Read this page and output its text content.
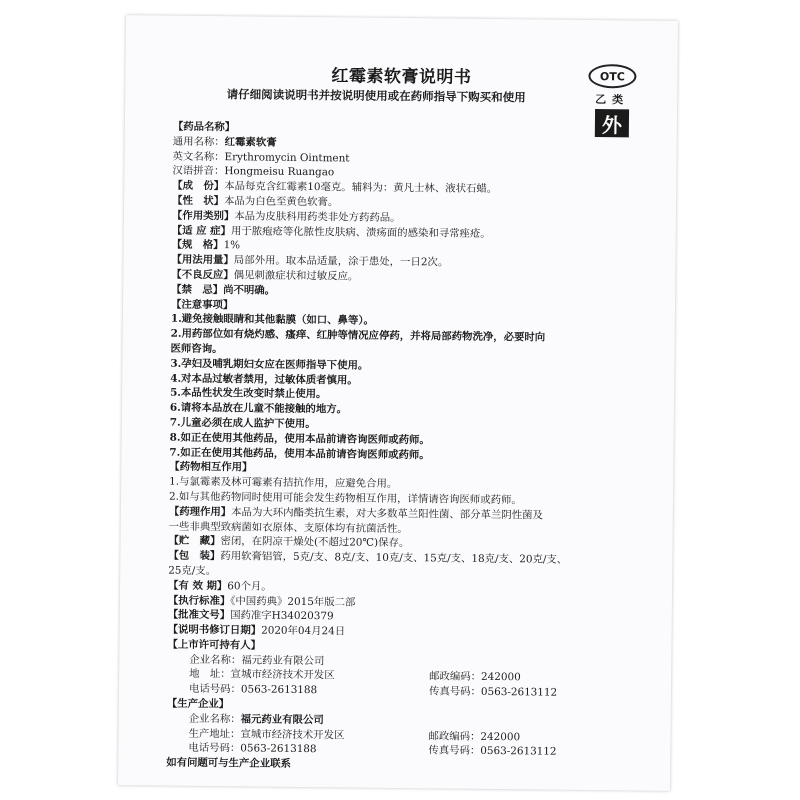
红霉素软膏说明书
请仔细阅读说明书并按说明使用或在药师指导下购买和使用
OTC
乙类
外
【药品名称】
通用名称：红霉素软膏
英文名称：Erythromycin Ointment
汉语拼音：Hongmeisu Ruangao
【成　份】本品每克含红霉素10毫克。辅料为：黄凡士林、液状石蜡。
【性　状】本品为白色至黄色软膏。
【作用类别】本品为皮肤科用药类非处方药药品。
【适 应 症】用于脓疱疮等化脓性皮肤病、溃疡面的感染和寻常痤疮。
【规　格】1%
【用法用量】局部外用。取本品适量，涂于患处，一日2次。
【不良反应】偶见刺激症状和过敏反应。
【禁　忌】尚不明确。
【注意事项】
1.避免接触眼睛和其他黏膜（如口、鼻等）。
2.用药部位如有烧灼感、瘙痒、红肿等情况应停药，并将局部药物洗净，必要时向
医师咨询。
3.孕妇及哺乳期妇女应在医师指导下使用。
4.对本品过敏者禁用，过敏体质者慎用。
5.本品性状发生改变时禁止使用。
6.请将本品放在儿童不能接触的地方。
7.儿童必须在成人监护下使用。
8.如正在使用其他药品，使用本品前请咨询医师或药师。
7.如正在使用其他药品，使用本品前请咨询医师或药师。
【药物相互作用】
1.与氯霉素及林可霉素有拮抗作用，应避免合用。
2.如与其他药物同时使用可能会发生药物相互作用，详情请咨询医师或药师。
【药理作用】本品为大环内酯类抗生素，对大多数革兰阳性菌、部分革兰阴性菌及
一些非典型致病菌如衣原体、支原体均有抗菌活性。
【贮　藏】密闭，在阴凉干燥处(不超过20℃)保存。
【包　装】药用软膏铝管，5克/支、8克/支、10克/支、15克/支、18克/支、20克/支、
25克/支。
【有 效 期】60个月。
【执行标准】《中国药典》2015年版二部
【批准文号】国药准字H34020379
【说明书修订日期】2020年04月24日
【上市许可持有人】
企业名称：福元药业有限公司
地　址：宣城市经济技术开发区	邮政编码：242000
电话号码：0563-2613188	传真号码：0563-2613112
【生产企业】
企业名称：福元药业有限公司
生产地址：宣城市经济技术开发区	邮政编码：242000
电话号码：0563-2613188	传真号码：0563-2613112
如有问题可与生产企业联系
